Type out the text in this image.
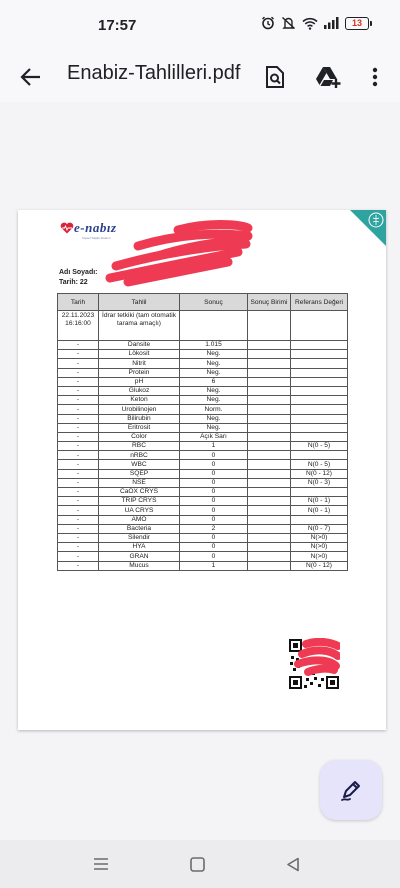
17:57	13
Enabiz-Tahlilleri.pdf
e-nabız
Kişisel Sağlık Sistemi
Adı Soyadı:
Tarih: 22
Tarih	Tahlil	Sonuç	Sonuç Birimi	Referans Değeri
22.11.2023 16:16:00	İdrar tetkiki (tam otomatik tarama amaçlı)			
-	Dansite	1.015		
-	Lökosit	Neg.		
-	Nitrit	Neg.		
-	Protein	Neg.		
-	pH	6		
-	Glukoz	Neg.		
-	Keton	Neg.		
-	Urobilinojen	Norm.		
-	Bilirubin	Neg.		
-	Eritrosit	Neg.		
-	Color	Açık Sarı		
-	RBC	1		N(0 - 5)
-	nRBC	0		
-	WBC	0		N(0 - 5)
-	SQEP	0		N(0 - 12)
-	NSE	0		N(0 - 3)
-	CaOX CRYS	0		
-	TRIP CRYS	0		N(0 - 1)
-	UA CRYS	0		N(0 - 1)
-	AMO	0		
-	Bacteria	2		N(0 - 7)
-	Silendir	0		N(>0)
-	HYA	0		N(>0)
-	GRAN	0		N(>0)
-	Mucus	1		N(0 - 12)
